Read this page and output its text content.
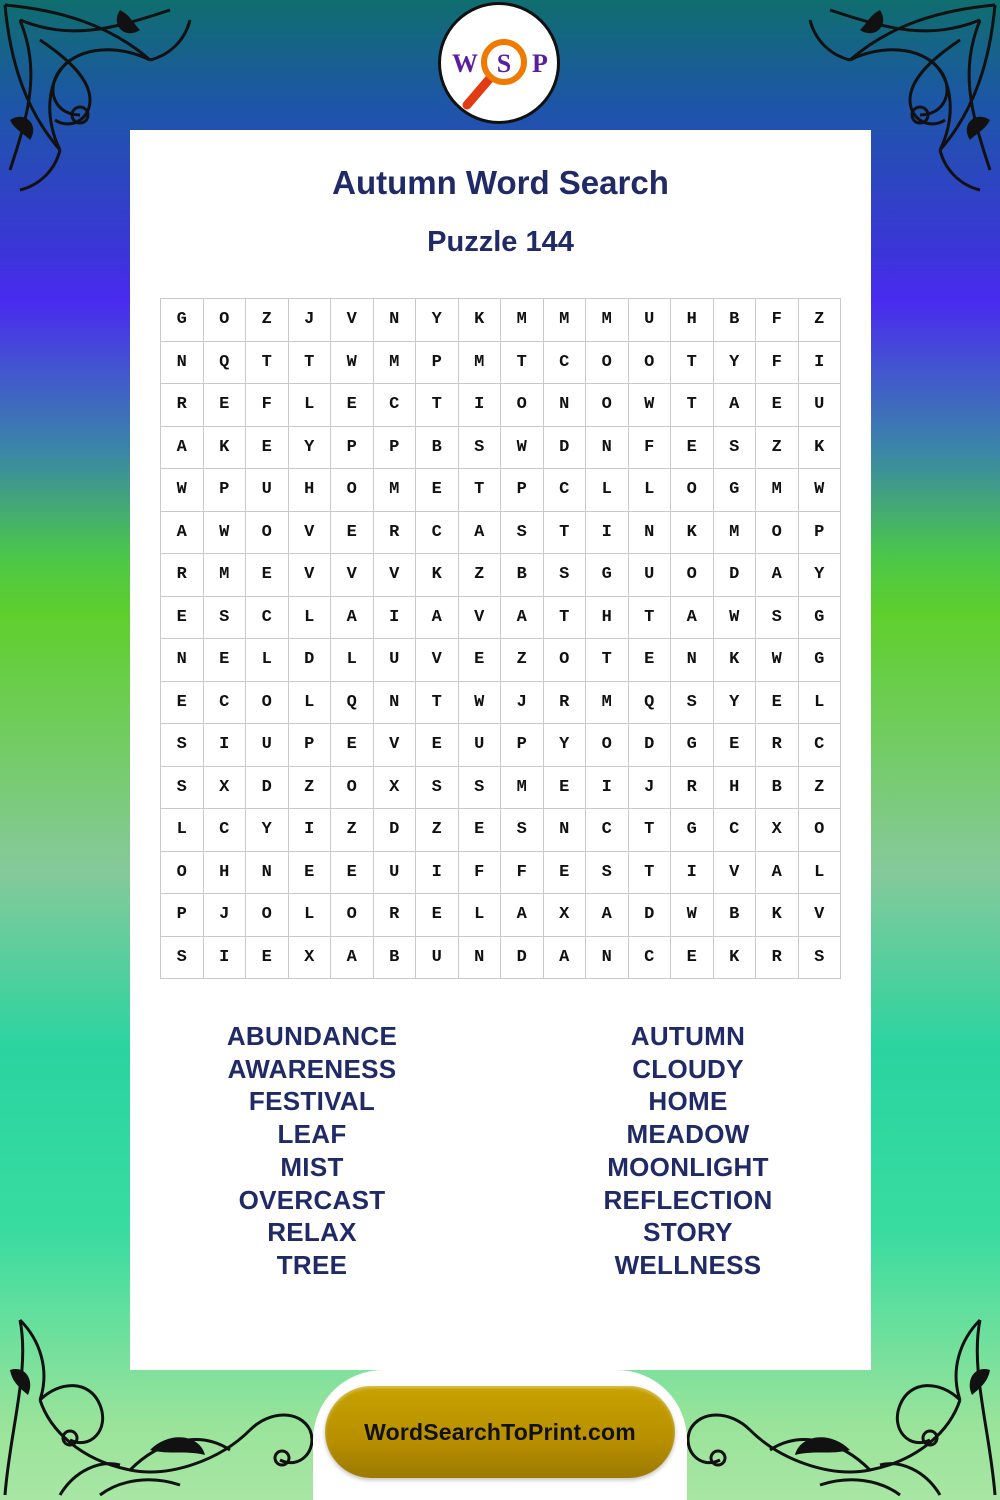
W S P
Autumn Word Search
Puzzle 144
G	O	Z	J	V	N	Y	K	M	M	M	U	H	B	F	Z
N	Q	T	T	W	M	P	M	T	C	O	O	T	Y	F	I
R	E	F	L	E	C	T	I	O	N	O	W	T	A	E	U
A	K	E	Y	P	P	B	S	W	D	N	F	E	S	Z	K
W	P	U	H	O	M	E	T	P	C	L	L	O	G	M	W
A	W	O	V	E	R	C	A	S	T	I	N	K	M	O	P
R	M	E	V	V	V	K	Z	B	S	G	U	O	D	A	Y
E	S	C	L	A	I	A	V	A	T	H	T	A	W	S	G
N	E	L	D	L	U	V	E	Z	O	T	E	N	K	W	G
E	C	O	L	Q	N	T	W	J	R	M	Q	S	Y	E	L
S	I	U	P	E	V	E	U	P	Y	O	D	G	E	R	C
S	X	D	Z	O	X	S	S	M	E	I	J	R	H	B	Z
L	C	Y	I	Z	D	Z	E	S	N	C	T	G	C	X	O
O	H	N	E	E	U	I	F	F	E	S	T	I	V	A	L
P	J	O	L	O	R	E	L	A	X	A	D	W	B	K	V
S	I	E	X	A	B	U	N	D	A	N	C	E	K	R	S
ABUNDANCE
AWARENESS
FESTIVAL
LEAF
MIST
OVERCAST
RELAX
TREE
AUTUMN
CLOUDY
HOME
MEADOW
MOONLIGHT
REFLECTION
STORY
WELLNESS
WordSearchToPrint.com
